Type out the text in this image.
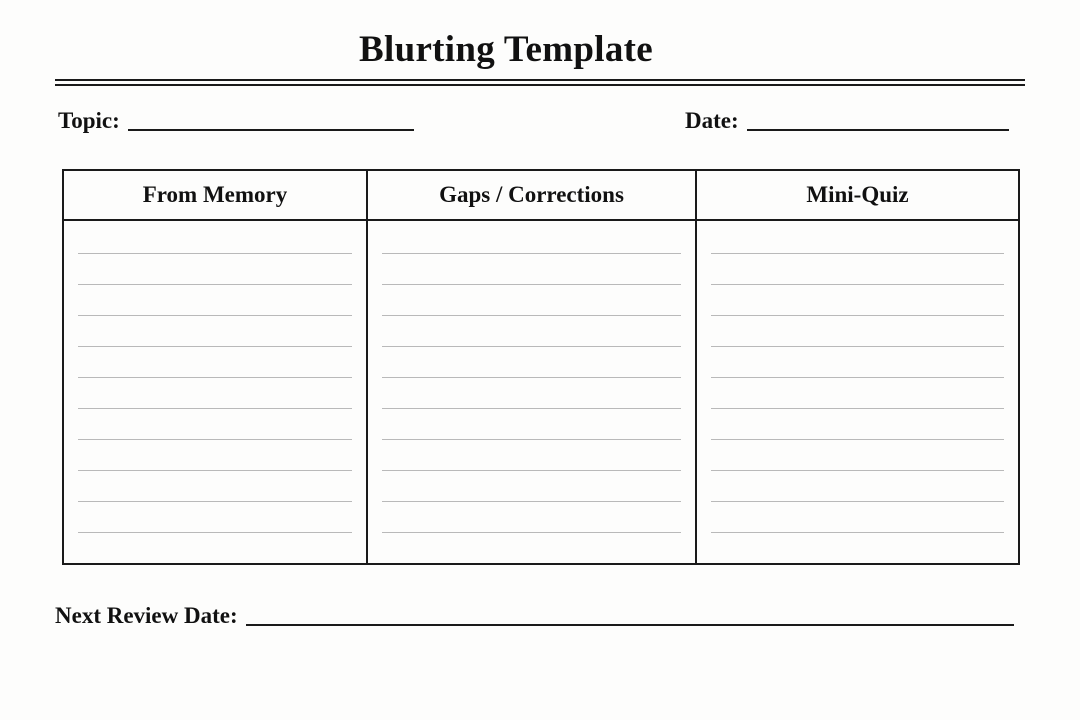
Blurting Template
Topic:	Date:
From Memory	Gaps / Corrections	Mini-Quiz
Next Review Date:
